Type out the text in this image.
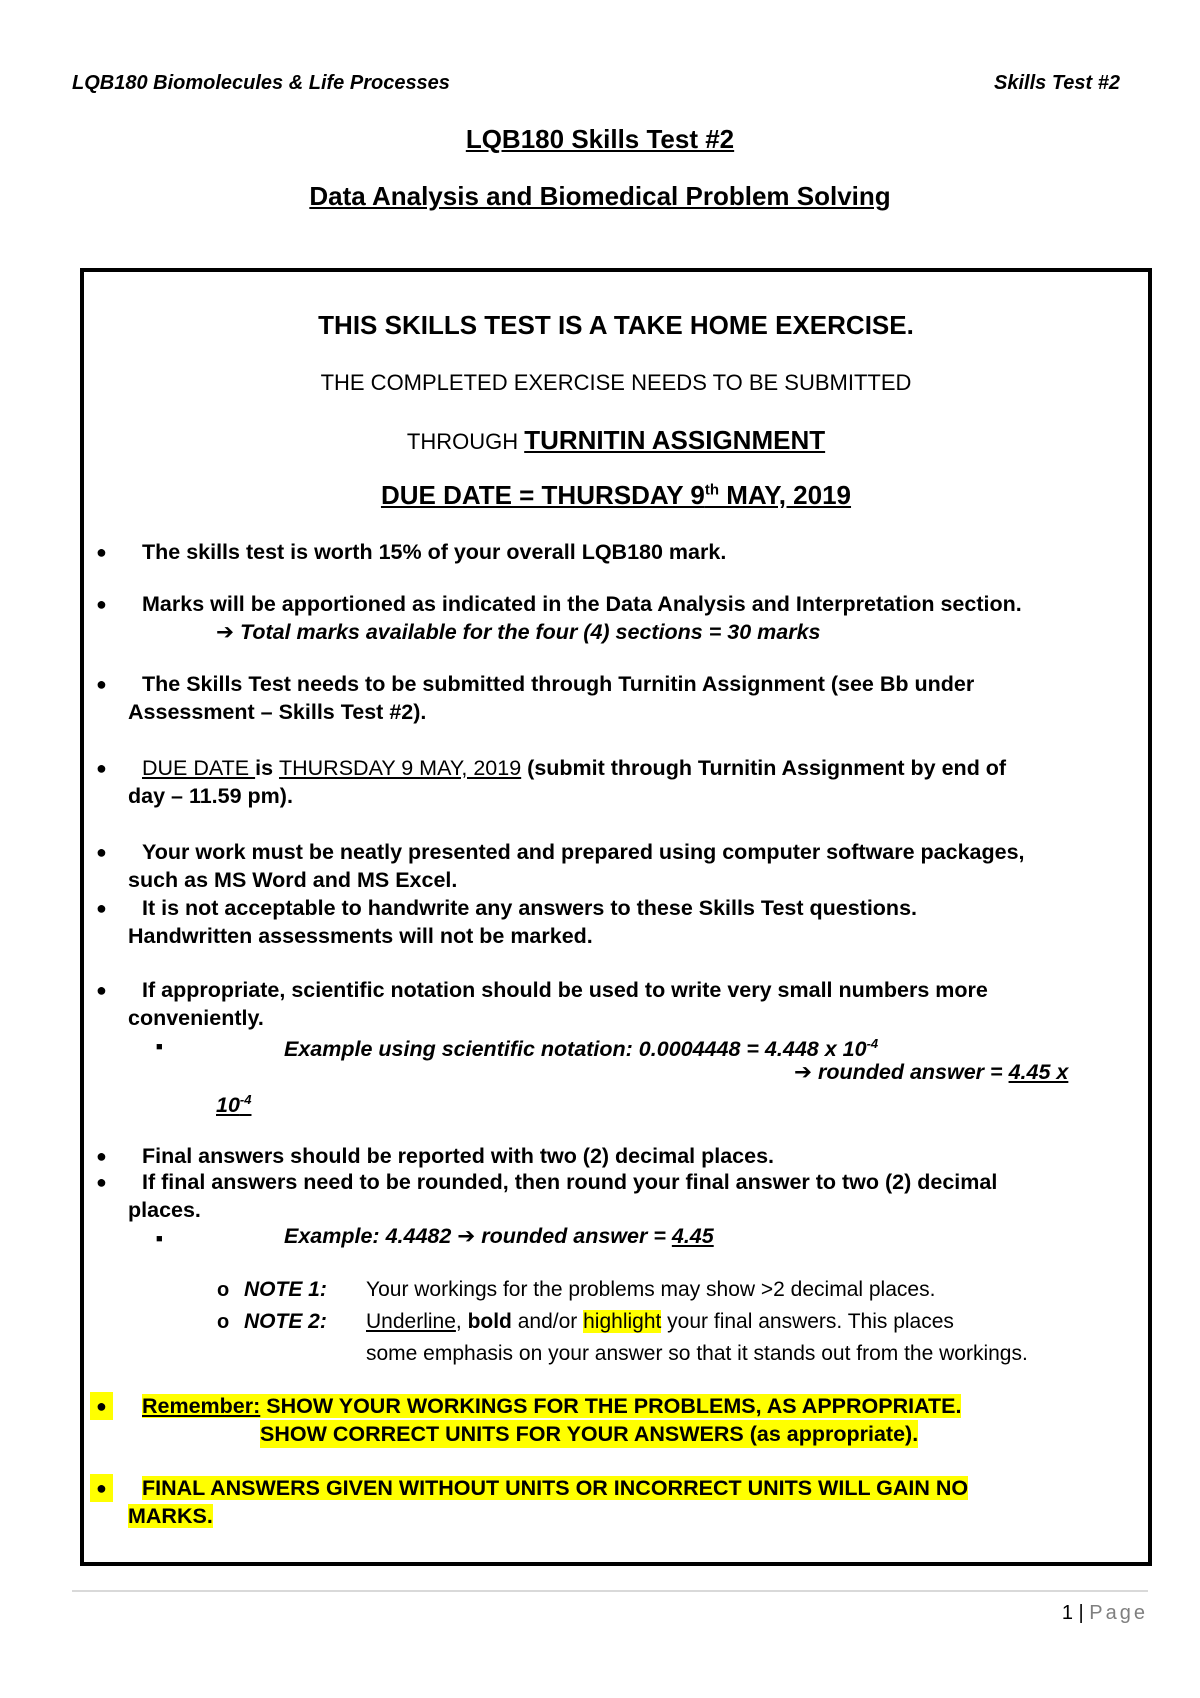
LQB180 Biomolecules & Life Processes	Skills Test #2
LQB180 Skills Test #2
Data Analysis and Biomedical Problem Solving
THIS SKILLS TEST IS A TAKE HOME EXERCISE.
THE COMPLETED EXERCISE NEEDS TO BE SUBMITTED
THROUGH TURNITIN ASSIGNMENT
DUE DATE = THURSDAY 9th MAY, 2019
●	The skills test is worth 15% of your overall LQB180 mark.
●	Marks will be apportioned as indicated in the Data Analysis and Interpretation section.
➔ Total marks available for the four (4) sections = 30 marks
●	The Skills Test needs to be submitted through Turnitin Assignment (see Bb under
Assessment – Skills Test #2).
●	DUE DATE is THURSDAY 9 MAY, 2019 (submit through Turnitin Assignment by end of
day – 11.59 pm).
●	Your work must be neatly presented and prepared using computer software packages,
such as MS Word and MS Excel.
●	It is not acceptable to handwrite any answers to these Skills Test questions.
Handwritten assessments will not be marked.
●	If appropriate, scientific notation should be used to write very small numbers more
conveniently.
■	Example using scientific notation: 0.0004448 = 4.448 x $10^{-4}$
➔ rounded answer = 4.45 x
$10^{-4}$
●	Final answers should be reported with two (2) decimal places.
●	If final answers need to be rounded, then round your final answer to two (2) decimal
places.
■	Example: 4.4482 ➔ rounded answer = 4.45
o NOTE 1: Your workings for the problems may show >2 decimal places.
o NOTE 2: Underline, bold and/or highlight your final answers. This places
some emphasis on your answer so that it stands out from the workings.
●	Remember: SHOW YOUR WORKINGS FOR THE PROBLEMS, AS APPROPRIATE.
SHOW CORRECT UNITS FOR YOUR ANSWERS (as appropriate).
●	FINAL ANSWERS GIVEN WITHOUT UNITS OR INCORRECT UNITS WILL GAIN NO
MARKS.
1 | Page
